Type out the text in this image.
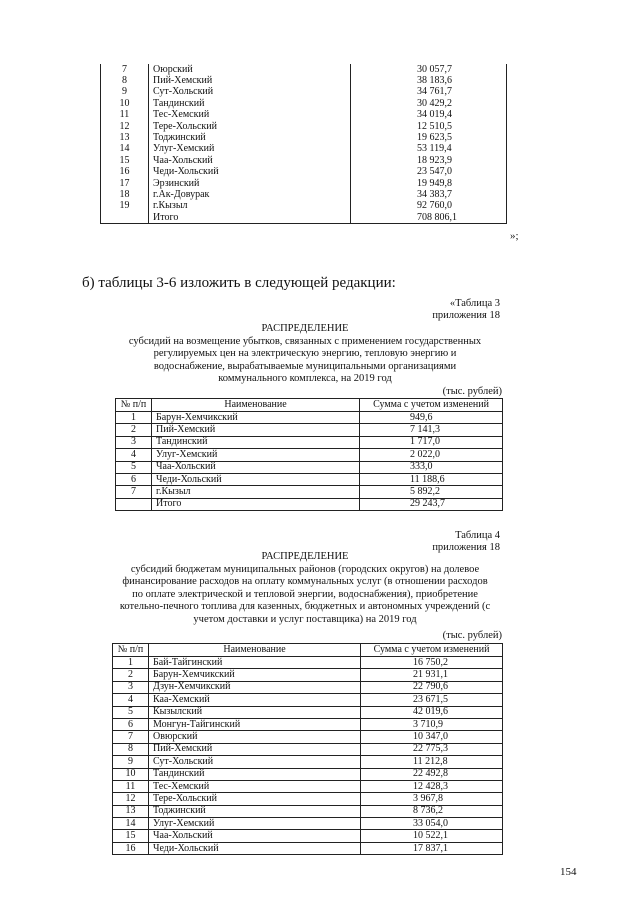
7	Оюрский	30 057,7
8	Пий-Хемский	38 183,6
9	Сут-Хольский	34 761,7
10	Тандинский	30 429,2
11	Тес-Хемский	34 019,4
12	Тере-Хольский	12 510,5
13	Тоджинский	19 623,5
14	Улуг-Хемский	53 119,4
15	Чаа-Хольский	18 923,9
16	Чеди-Хольский	23 547,0
17	Эрзинский	19 949,8
18	г.Ак-Довурак	34 383,7
19	г.Кызыл	92 760,0
	Итого	708 806,1
»;
б) таблицы 3-6 изложить в следующей редакции:
«Таблица 3
приложения 18
РАСПРЕДЕЛЕНИЕ
субсидий на возмещение убытков, связанных с применением государственных
регулируемых цен на электрическую энергию, тепловую энергию и
водоснабжение, вырабатываемые муниципальными организациями
коммунального комплекса, на 2019 год
(тыс. рублей)
№ п/п	Наименование	Сумма с учетом изменений
1	Барун-Хемчикский	949,6
2	Пий-Хемский	7 141,3
3	Тандинский	1 717,0
4	Улуг-Хемский	2 022,0
5	Чаа-Хольский	333,0
6	Чеди-Хольский	11 188,6
7	г.Кызыл	5 892,2
	Итого	29 243,7
Таблица 4
приложения 18
РАСПРЕДЕЛЕНИЕ
субсидий бюджетам муниципальных районов (городских округов) на долевое
финансирование расходов на оплату коммунальных услуг (в отношении расходов
по оплате электрической и тепловой энергии, водоснабжения), приобретение
котельно-печного топлива для казенных, бюджетных и автономных учреждений (с
учетом доставки и услуг поставщика) на 2019 год
(тыс. рублей)
№ п/п	Наименование	Сумма с учетом изменений
1	Бай-Тайгинский	16 750,2
2	Барун-Хемчикский	21 931,1
3	Дзун-Хемчикский	22 790,6
4	Каа-Хемский	23 671,5
5	Кызылский	42 019,6
6	Монгун-Тайгинский	3 710,9
7	Овюрский	10 347,0
8	Пий-Хемский	22 775,3
9	Сут-Хольский	11 212,8
10	Тандинский	22 492,8
11	Тес-Хемский	12 428,3
12	Тере-Хольский	3 967,8
13	Тоджинский	8 736,2
14	Улуг-Хемский	33 054,0
15	Чаа-Хольский	10 522,1
16	Чеди-Хольский	17 837,1
154
